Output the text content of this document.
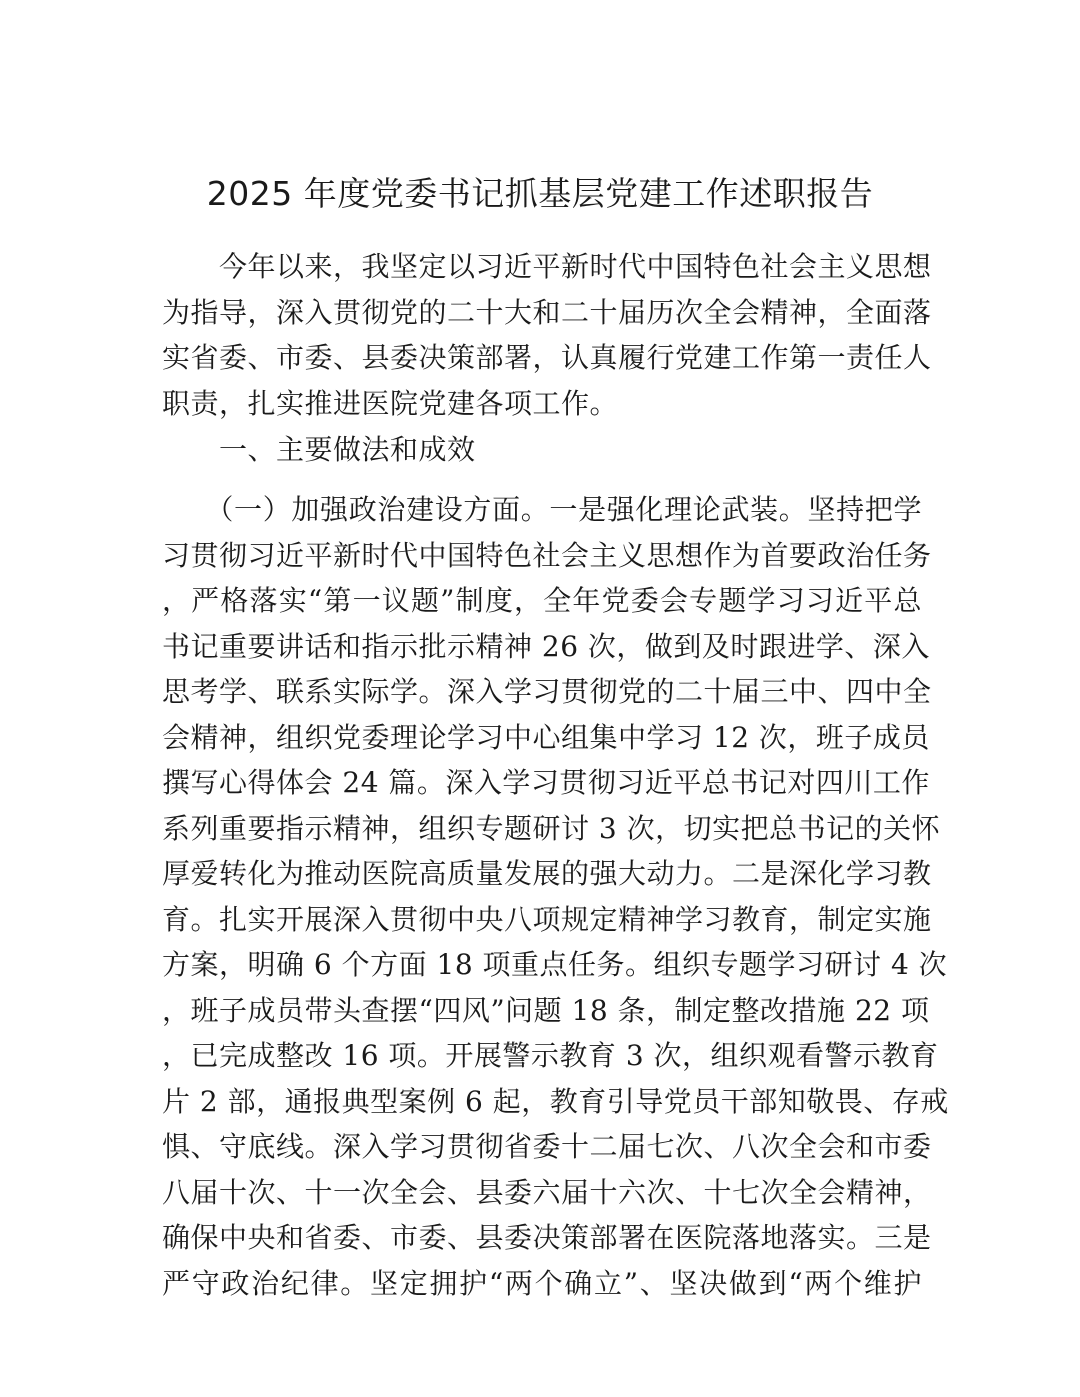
2025 年度党委书记抓基层党建工作述职报告
　　今年以来，我坚定以习近平新时代中国特色社会主义思想
为指导，深入贯彻党的二十大和二十届历次全会精神，全面落
实省委、市委、县委决策部署，认真履行党建工作第一责任人
职责，扎实推进医院党建各项工作。
　　一、主要做法和成效
　　（一）加强政治建设方面。一是强化理论武装。坚持把学
习贯彻习近平新时代中国特色社会主义思想作为首要政治任务
，严格落实“第一议题”制度，全年党委会专题学习习近平总
书记重要讲话和指示批示精神 26 次，做到及时跟进学、深入
思考学、联系实际学。深入学习贯彻党的二十届三中、四中全
会精神，组织党委理论学习中心组集中学习 12 次，班子成员
撰写心得体会 24 篇。深入学习贯彻习近平总书记对四川工作
系列重要指示精神，组织专题研讨 3 次，切实把总书记的关怀
厚爱转化为推动医院高质量发展的强大动力。二是深化学习教
育。扎实开展深入贯彻中央八项规定精神学习教育，制定实施
方案，明确 6 个方面 18 项重点任务。组织专题学习研讨 4 次
，班子成员带头查摆“四风”问题 18 条，制定整改措施 22 项
，已完成整改 16 项。开展警示教育 3 次，组织观看警示教育
片 2 部，通报典型案例 6 起，教育引导党员干部知敬畏、存戒
惧、守底线。深入学习贯彻省委十二届七次、八次全会和市委
八届十次、十一次全会、县委六届十六次、十七次全会精神，
确保中央和省委、市委、县委决策部署在医院落地落实。三是
严守政治纪律。坚定拥护“两个确立”、坚决做到“两个维护
